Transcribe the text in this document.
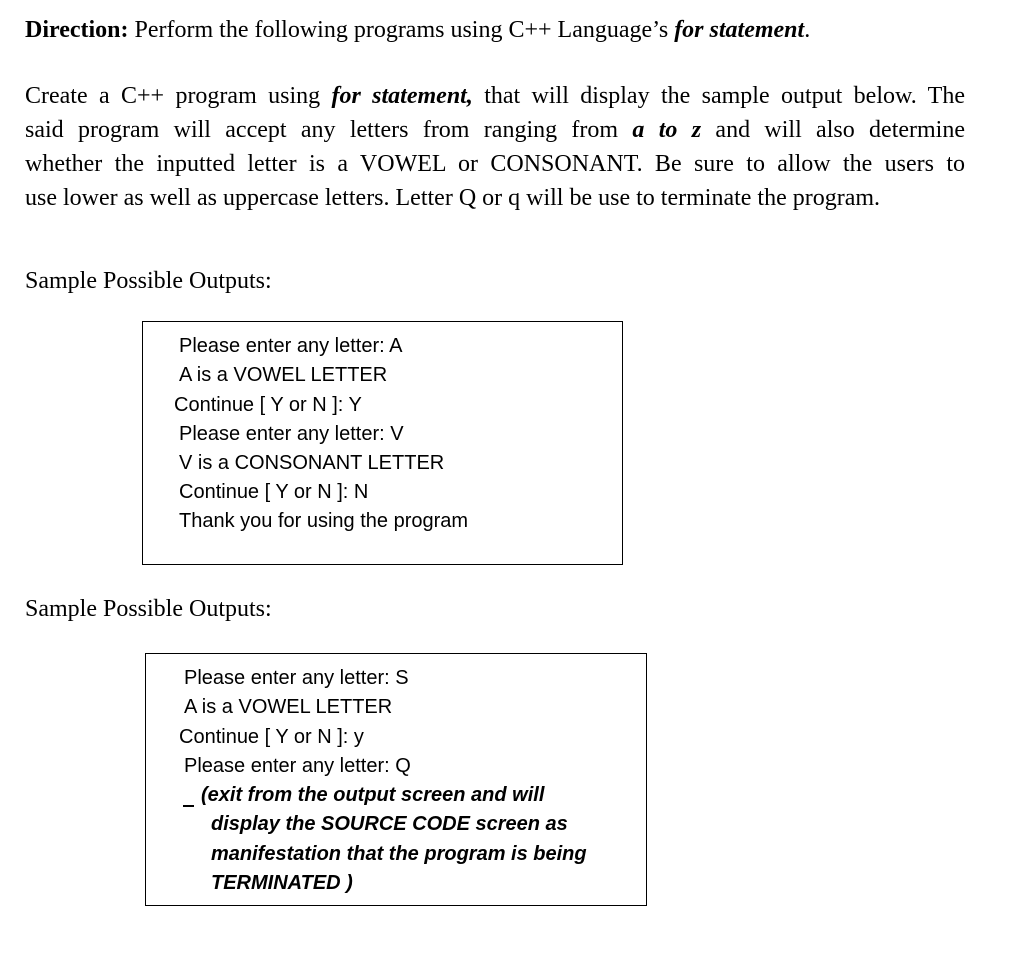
Direction: Perform the following programs using C++ Language’s for statement.
Create a C++ program using for statement, that will display the sample output below. The
said program will accept any letters from ranging from a to z and will also determine
whether the inputted letter is a VOWEL or CONSONANT. Be sure to allow the users to
use lower as well as uppercase letters. Letter Q or q will be use to terminate the program.
Sample Possible Outputs:
Please enter any letter: A
A is a VOWEL LETTER
Continue [ Y or N ]: Y
Please enter any letter: V
V is a CONSONANT LETTER
Continue [ Y or N ]: N
Thank you for using the program
Sample Possible Outputs:
Please enter any letter: S
A is a VOWEL LETTER
Continue [ Y or N ]: y
Please enter any letter: Q
(exit from the output screen and will
display the SOURCE CODE screen as
manifestation that the program is being
TERMINATED )
